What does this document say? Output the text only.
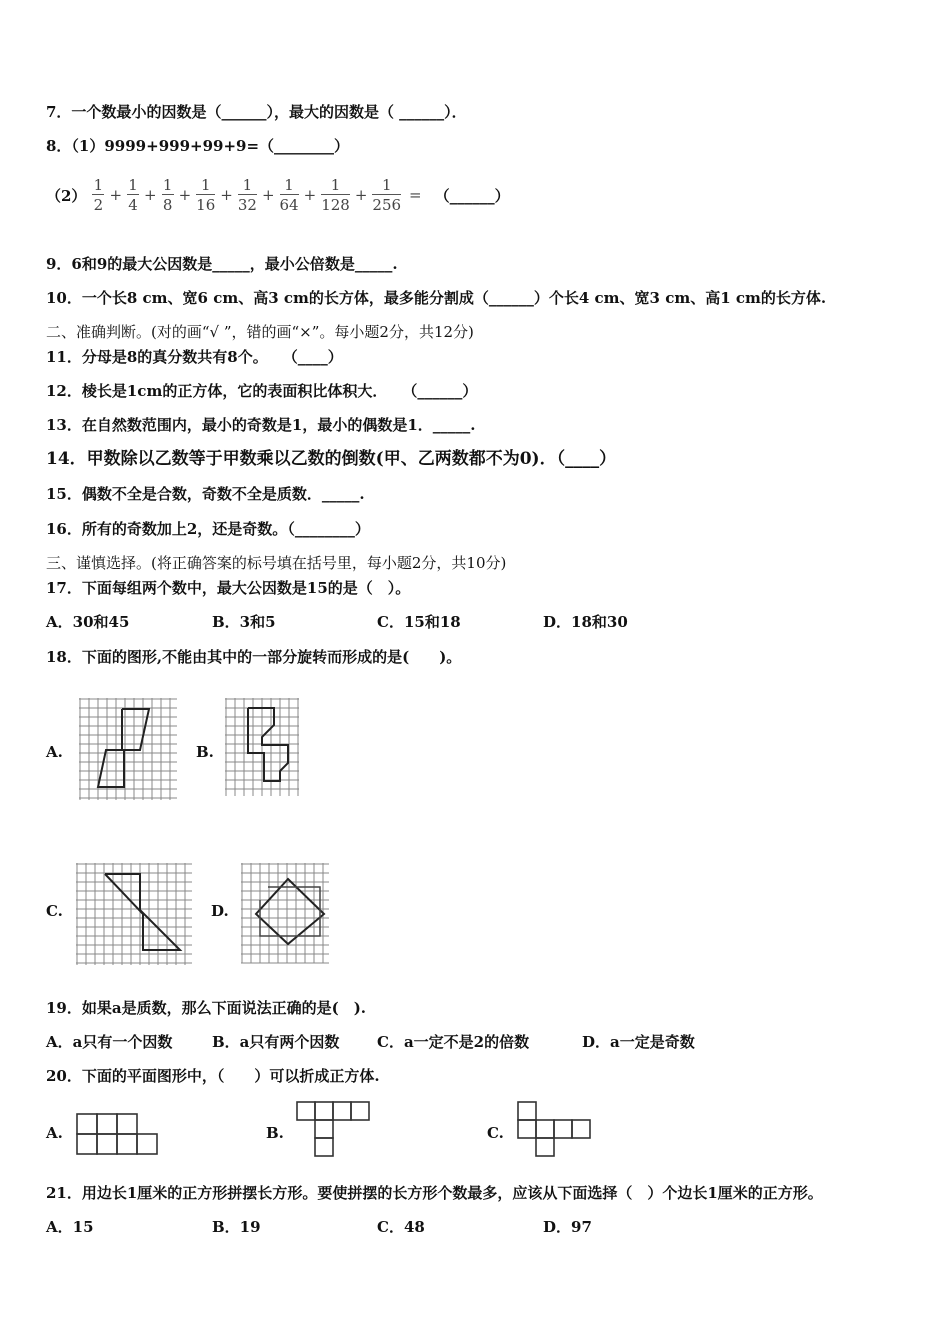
7．一个数最小的因数是（______），最大的因数是（ ______）．
8．（1）9999+999+99+9=（________）
$(2) \frac{1}{2} + \frac{1}{4} + \frac{1}{8} + \frac{1}{16} + \frac{1}{32} + \frac{1}{64} + \frac{1}{128} + \frac{1}{256}$ = （______）
9．6和9的最大公因数是_____，最小公倍数是_____.
10．一个长8 cm、宽6 cm、高3 cm的长方体，最多能分割成（______）个长4 cm、宽3 cm、高1 cm的长方体.
二、准确判断。(对的画“√ ”，错的画“×”。每小题2分，共12分)
11．分母是8的真分数共有8个。　　（____）
12．棱长是1cm的正方体，它的表面积比体积大．　　（______）
13．在自然数范围内，最小的奇数是1，最小的偶数是1．_____.
14．甲数除以乙数等于甲数乘以乙数的倒数(甲、乙两数都不为0)．（____）
15．偶数不全是合数，奇数不全是质数．_____.
16．所有的奇数加上2，还是奇数。（________）
三、谨慎选择。(将正确答案的标号填在括号里，每小题2分，共10分)
17．下面每组两个数中，最大公因数是15的是（　）。
A．30和45	B．3和5	C．15和18	D．18和30
18．下面的图形,不能由其中的一部分旋转而形成的是(　　)。
A.	B.
C.	D.
19．如果a是质数，那么下面说法正确的是(　).
A．a只有一个因数	B．a只有两个因数	C．a一定不是2的倍数	D．a一定是奇数
20．下面的平面图形中，（　　）可以折成正方体.
A.	B.	C.
21．用边长1厘米的正方形拼摆长方形。要使拼摆的长方形个数最多，应该从下面选择（　）个边长1厘米的正方形。
A．15	B．19	C．48	D．97
